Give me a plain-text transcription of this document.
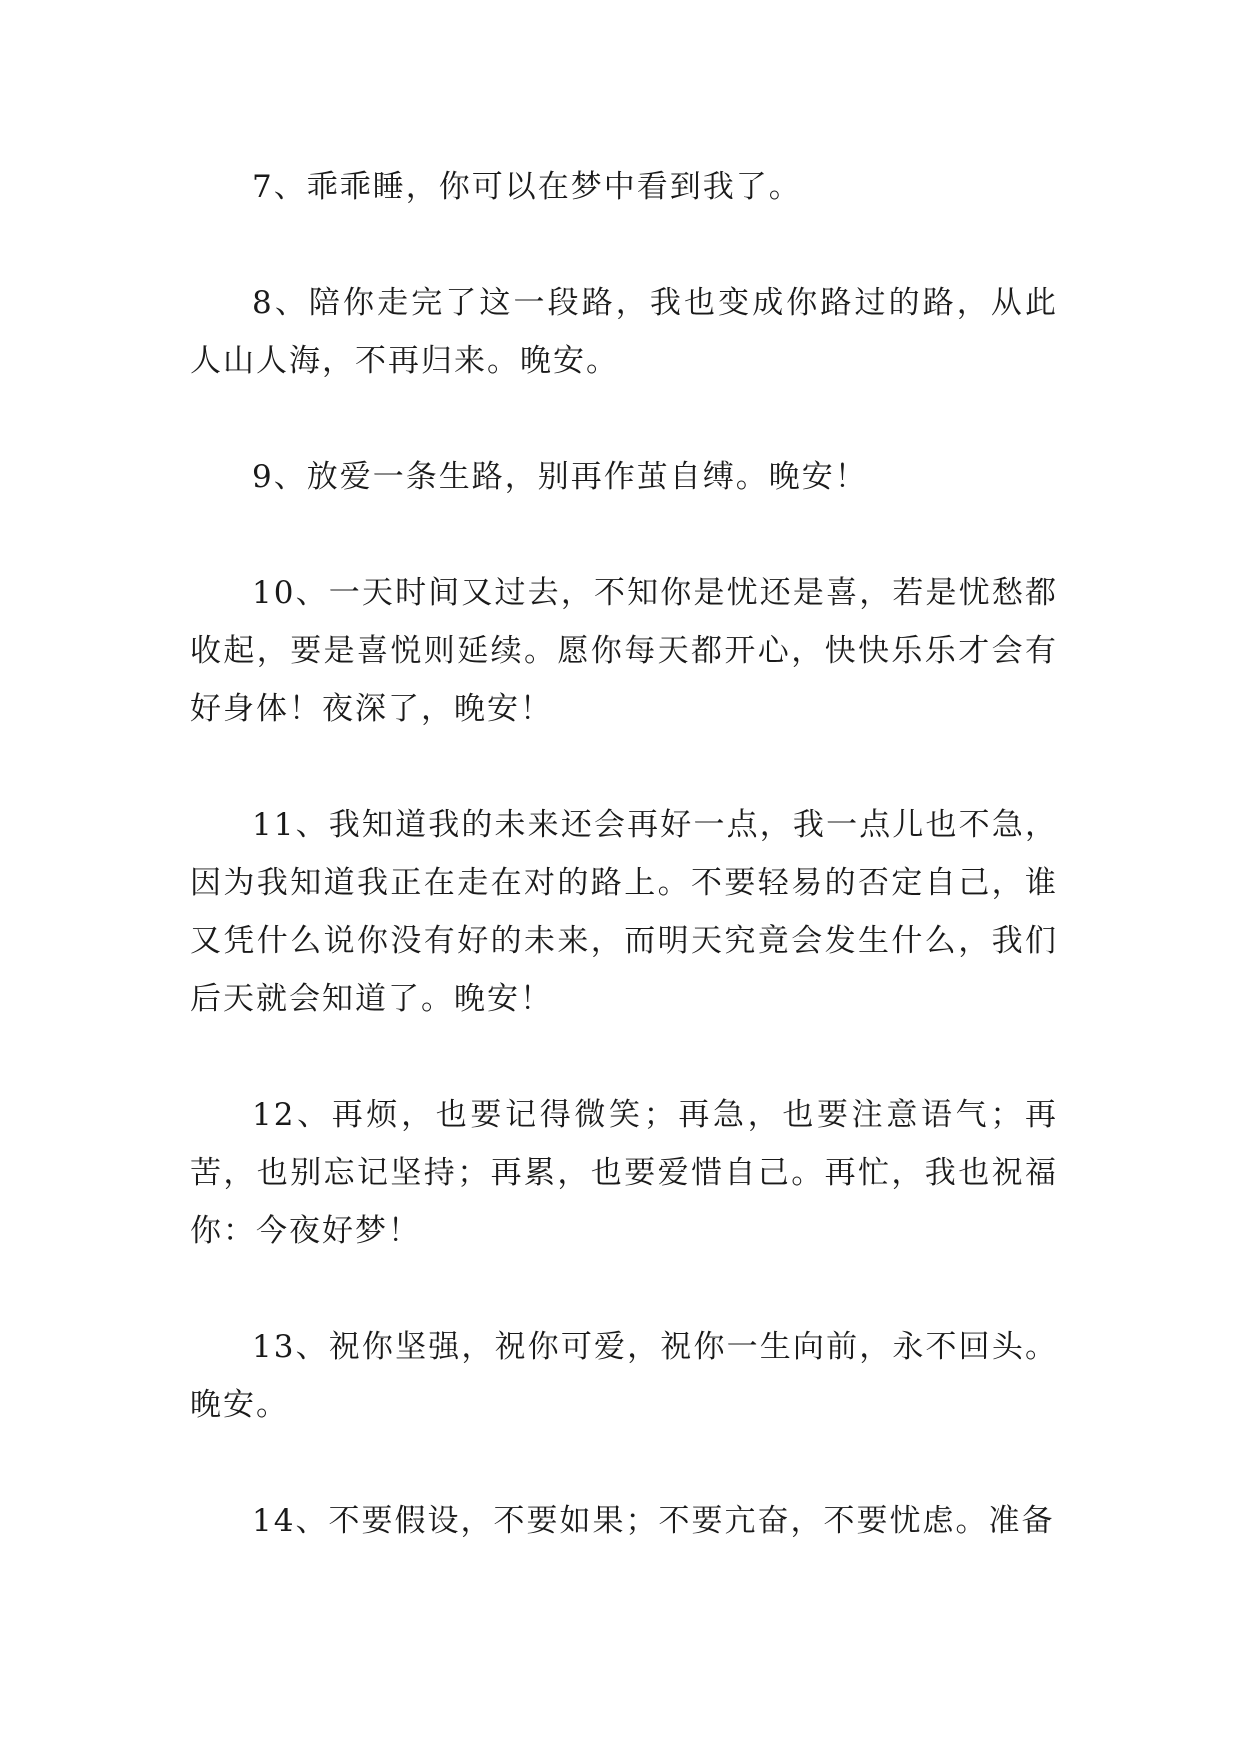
7、乖乖睡，你可以在梦中看到我了。

8、陪你走完了这一段路，我也变成你路过的路，从此人山人海，不再归来。晚安。

9、放爱一条生路，别再作茧自缚。晚安！

10、一天时间又过去，不知你是忧还是喜，若是忧愁都收起，要是喜悦则延续。愿你每天都开心，快快乐乐才会有好身体！夜深了，晚安！

11、我知道我的未来还会再好一点，我一点儿也不急，因为我知道我正在走在对的路上。不要轻易的否定自己，谁又凭什么说你没有好的未来，而明天究竟会发生什么，我们后天就会知道了。晚安！

12、再烦，也要记得微笑；再急，也要注意语气；再苦，也别忘记坚持；再累，也要爱惜自己。再忙，我也祝福你：今夜好梦！

13、祝你坚强，祝你可爱，祝你一生向前，永不回头。晚安。

14、不要假设，不要如果；不要亢奋，不要忧虑。准备
